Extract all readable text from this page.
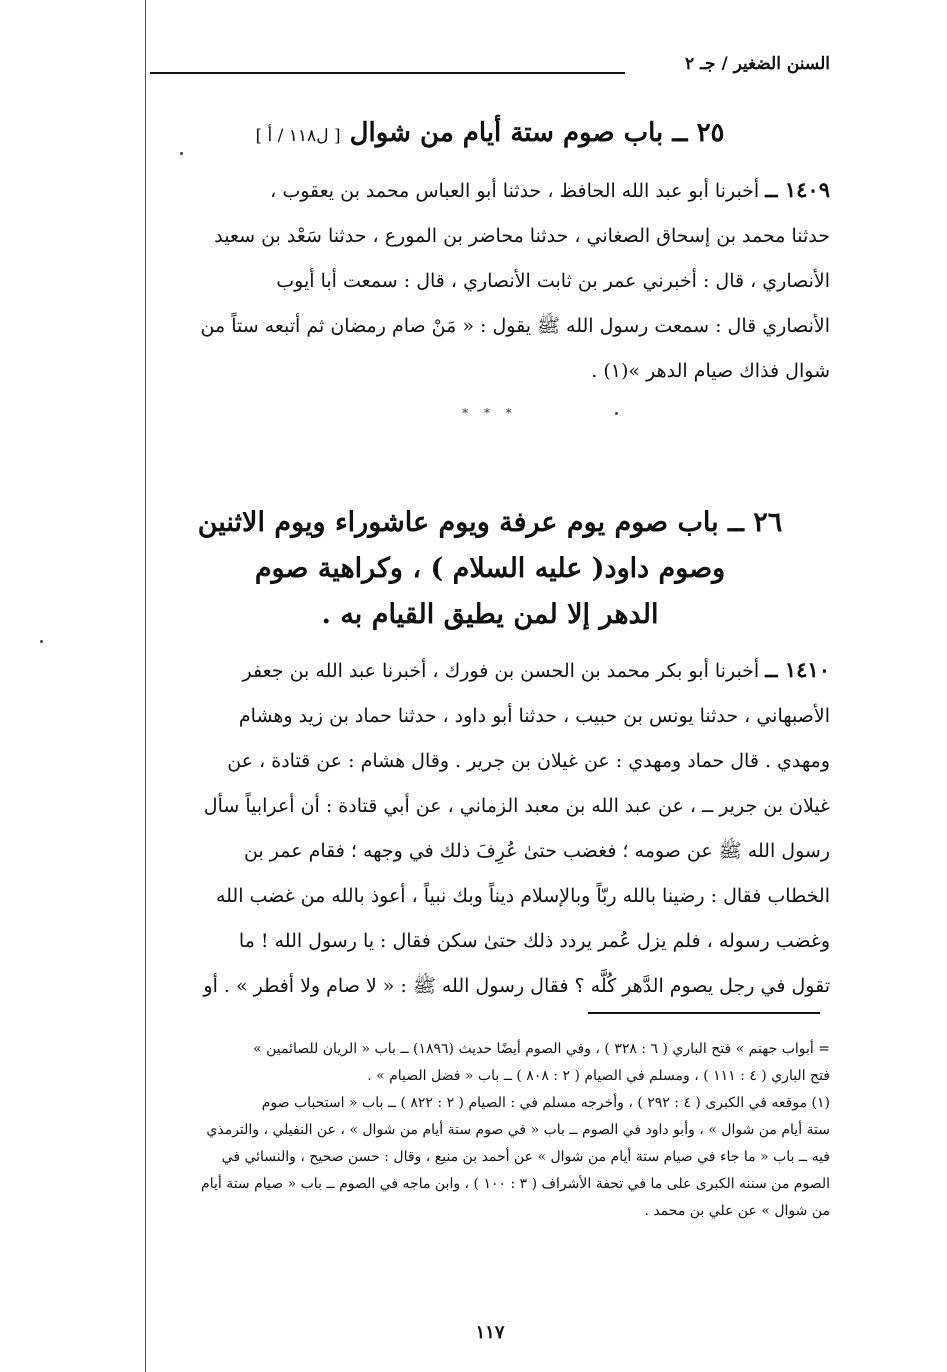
السنن الصغير / جـ ٢
٢٥ ــ باب صوم ستة أيام من شوال [ ل١١٨ / أ ]
١٤٠٩ ــ أخبرنا أبو عبد الله الحافظ ، حدثنا أبو العباس محمد بن يعقوب ،
حدثنا محمد بن إسحاق الصغاني ، حدثنا محاضر بن المورع ، حدثنا سَعْد بن سعيد
الأنصاري ، قال : أخبرني عمر بن ثابت الأنصاري ، قال : سمعت أبا أيوب
الأنصاري قال : سمعت رسول الله ﷺ يقول : « مَنْ صام رمضان ثم أتبعه ستاً من
شوال فذاك صيام الدهر »(١) .
* * *
٢٦ ــ باب صوم يوم عرفة ويوم عاشوراء ويوم الاثنين
وصوم داود( عليه السلام ) ، وكراهية صوم
الدهر إلا لمن يطيق القيام به .
١٤١٠ ــ أخبرنا أبو بكر محمد بن الحسن بن فورك ، أخبرنا عبد الله بن جعفر
الأصبهاني ، حدثنا يونس بن حبيب ، حدثنا أبو داود ، حدثنا حماد بن زيد وهشام
ومهدي . قال حماد ومهدي : عن غيلان بن جرير . وقال هشام : عن قتادة ، عن
غيلان بن جرير ــ ، عن عبد الله بن معبد الزماني ، عن أبي قتادة : أن أعرابياً سأل
رسول الله ﷺ عن صومه ؛ فغضب حتىٰ عُرِفَ ذلك في وجهه ؛ فقام عمر بن
الخطاب فقال : رضينا بالله ربّاً وبالإسلام ديناً وبك نبياً ، أعوذ بالله من غضب الله
وغضب رسوله ، فلم يزل عُمر يردد ذلك حتىٰ سكن فقال : يا رسول الله ! ما
تقول في رجل يصوم الدَّهر كُلَّه ؟ فقال رسول الله ﷺ : « لا صام ولا أفطر » . أو
= أبواب جهنم » فتح الباري ( ٦ : ٣٢٨ ) ، وفي الصوم أيضًا حديث (١٨٩٦) ــ باب « الريان للصائمين »
فتح الباري ( ٤ : ١١١ ) ، ومسلم في الصيام ( ٢ : ٨٠٨ ) ــ باب « فضل الصيام » .
(١) موقعه في الكبرى ( ٤ : ٢٩٢ ) ، وأخرجه مسلم في : الصيام ( ٢ : ٨٢٢ ) ــ باب « استحباب صوم
ستة أيام من شوال » ، وأبو داود في الصوم ــ باب « في صوم ستة أيام من شوال » ، عن النفيلي ، والترمذي
فيه ــ باب « ما جاء في صيام ستة أيام من شوال » عن أحمد بن منيع ، وقال : حسن صحيح ، والنسائي في
الصوم من سننه الكبرى على ما في تحفة الأشراف ( ٣ : ١٠٠ ) ، وابن ماجه في الصوم ــ باب « صيام ستة أيام
من شوال » عن علي بن محمد .
١١٧
